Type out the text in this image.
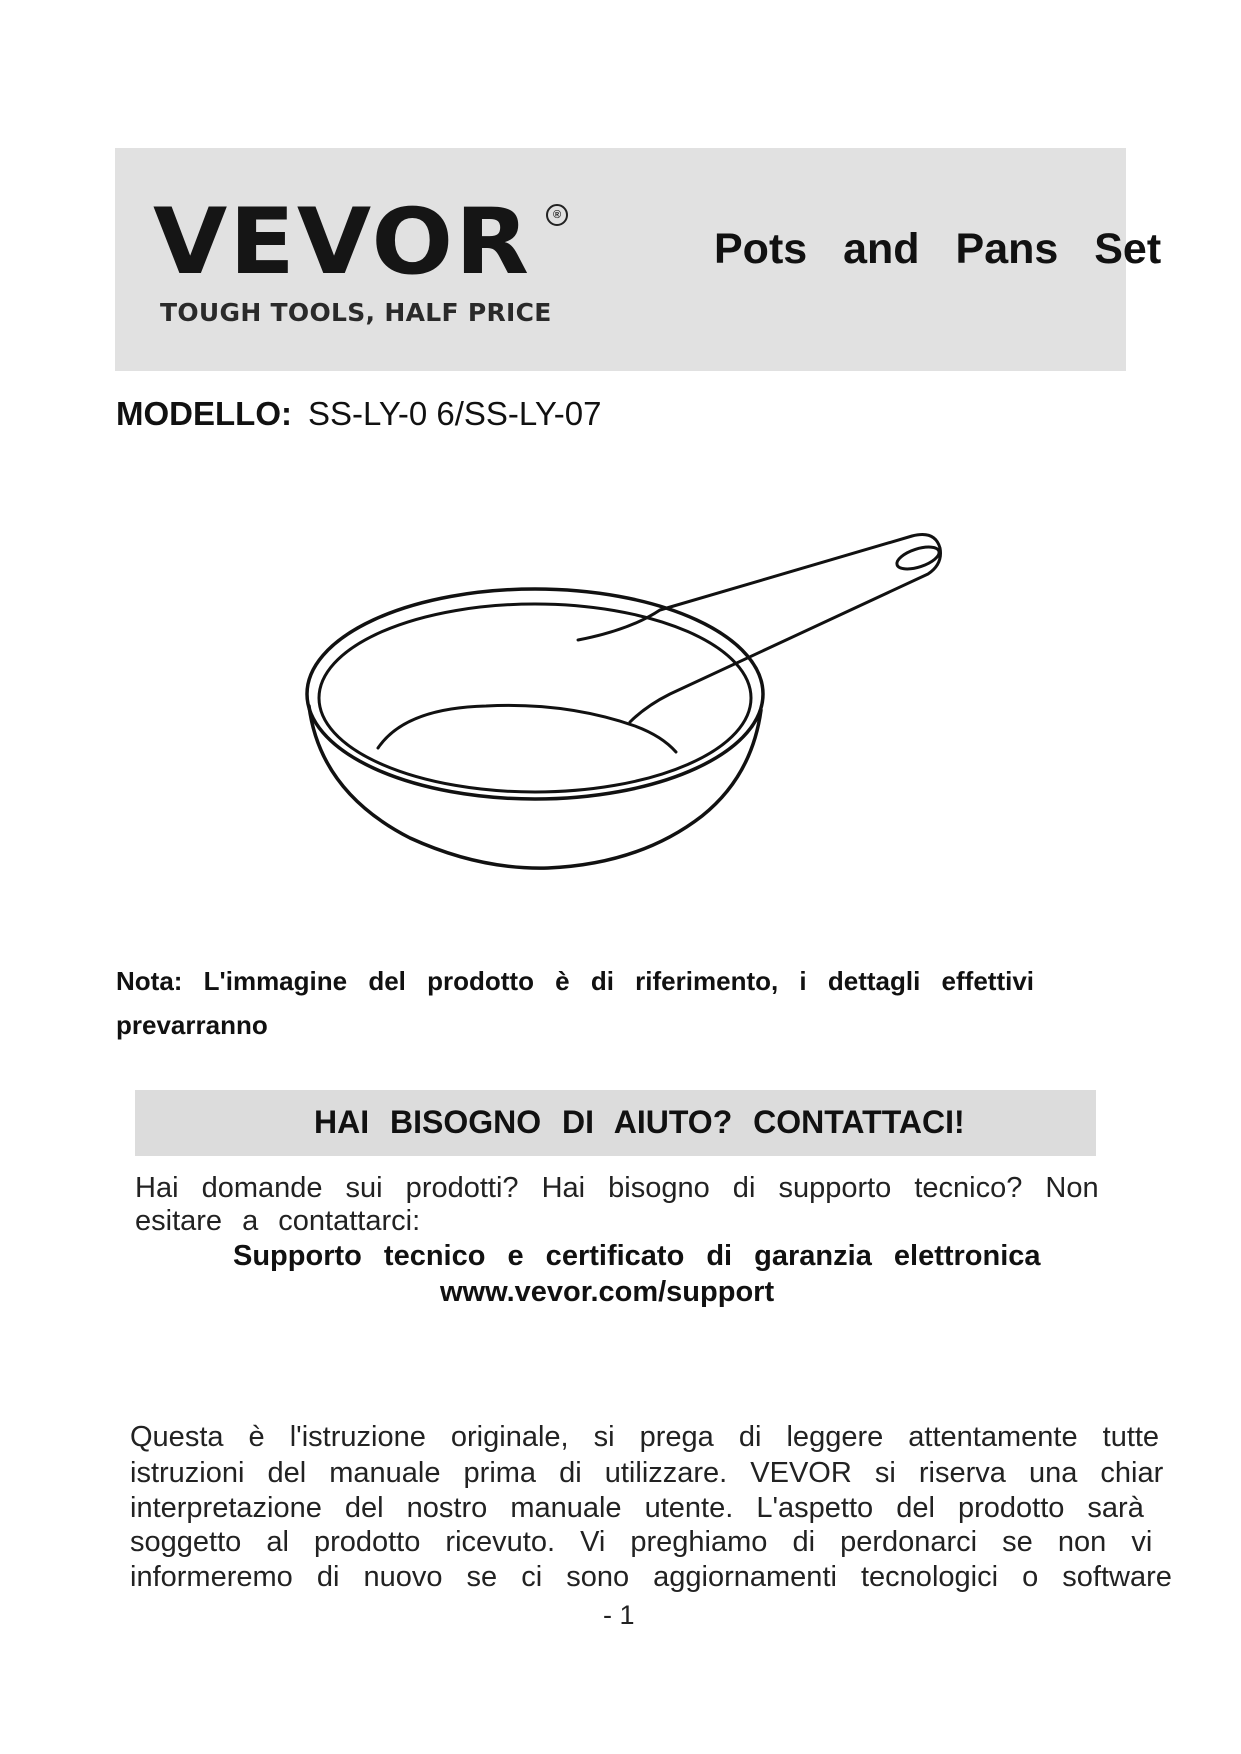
VEVOR	®
TOUGH TOOLS, HALF PRICE
Pots and Pans Set
MODELLO: SS-LY-0 6/SS-LY-07
Nota: L'immagine del prodotto è di riferimento, i dettagli effettivi
prevarranno
HAI BISOGNO DI AIUTO? CONTATTACI!
Hai domande sui prodotti? Hai bisogno di supporto tecnico? Non
esitare a contattarci:
Supporto tecnico e certificato di garanzia elettronica
www.vevor.com/support
Questa è l'istruzione originale, si prega di leggere attentamente tutte
istruzioni del manuale prima di utilizzare. VEVOR si riserva una chiar
interpretazione del nostro manuale utente. L'aspetto del prodotto sarà
soggetto al prodotto ricevuto. Vi preghiamo di perdonarci se non vi
informeremo di nuovo se ci sono aggiornamenti tecnologici o software
- 1
